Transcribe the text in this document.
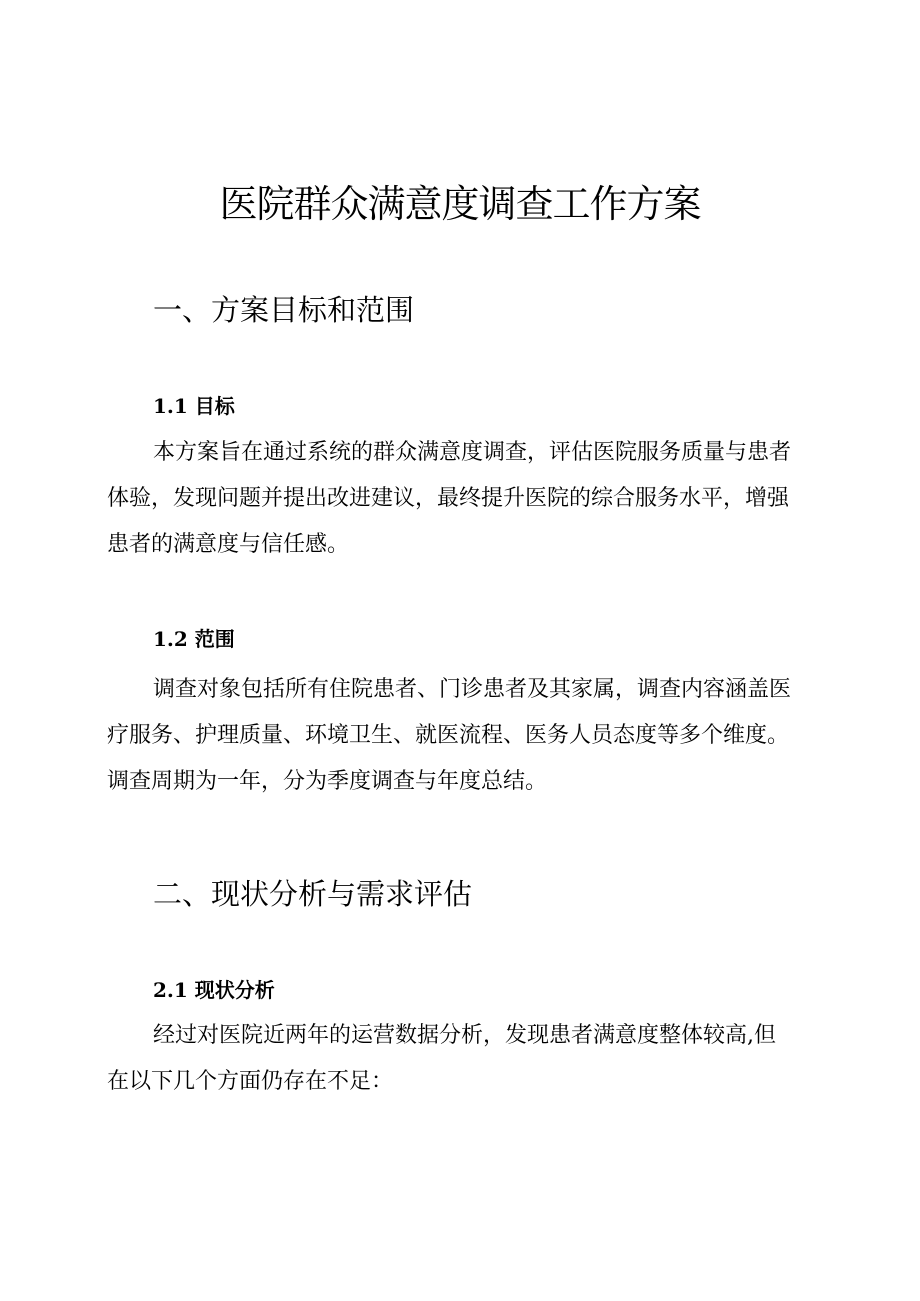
医院群众满意度调查工作方案
一、方案目标和范围
1.1 目标

本方案旨在通过系统的群众满意度调查，评估医院服务质量与患者
体验，发现问题并提出改进建议，最终提升医院的综合服务水平，增强
患者的满意度与信任感。

1.2 范围

调查对象包括所有住院患者、门诊患者及其家属，调查内容涵盖医
疗服务、护理质量、环境卫生、就医流程、医务人员态度等多个维度。
调查周期为一年，分为季度调查与年度总结。

二、现状分析与需求评估
2.1 现状分析

经过对医院近两年的运营数据分析，发现患者满意度整体较高,但
在以下几个方面仍存在不足：
